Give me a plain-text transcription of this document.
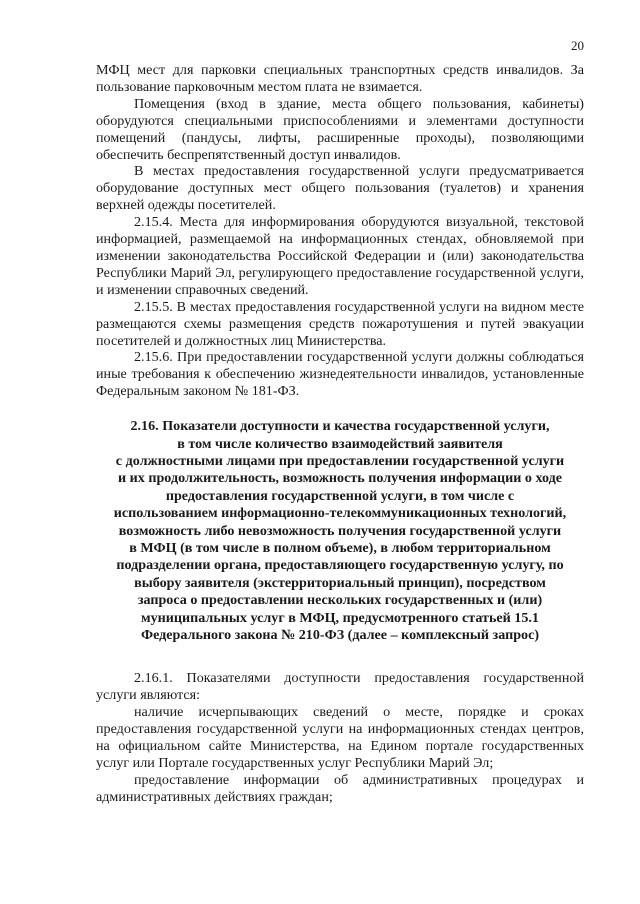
20

МФЦ мест для парковки специальных транспортных средств инвалидов. За пользование парковочным местом плата не взимается.

Помещения (вход в здание, места общего пользования, кабинеты) оборудуются специальными приспособлениями и элементами доступности помещений (пандусы, лифты, расширенные проходы), позволяющими обеспечить беспрепятственный доступ инвалидов.

В местах предоставления государственной услуги предусматривается оборудование доступных мест общего пользования (туалетов) и хранения верхней одежды посетителей.

2.15.4. Места для информирования оборудуются визуальной, текстовой информацией, размещаемой на информационных стендах, обновляемой при изменении законодательства Российской Федерации и (или) законодательства Республики Марий Эл, регулирующего предоставление государственной услуги, и изменении справочных сведений.

2.15.5. В местах предоставления государственной услуги на видном месте размещаются схемы размещения средств пожаротушения и путей эвакуации посетителей и должностных лиц Министерства.

2.15.6. При предоставлении государственной услуги должны соблюдаться иные требования к обеспечению жизнедеятельности инвалидов, установленные Федеральным законом № 181-ФЗ.

2.16. Показатели доступности и качества государственной услуги,

в том числе количество взаимодействий заявителя

с должностными лицами при предоставлении государственной услуги

и их продолжительность, возможность получения информации о ходе

предоставления государственной услуги, в том числе с

использованием информационно-телекоммуникационных технологий,

возможность либо невозможность получения государственной услуги

в МФЦ (в том числе в полном объеме), в любом территориальном

подразделении органа, предоставляющего государственную услугу, по

выбору заявителя (экстерриториальный принцип), посредством

запроса о предоставлении нескольких государственных и (или)

муниципальных услуг в МФЦ, предусмотренного статьей 15.1

Федерального закона № 210-ФЗ (далее – комплексный запрос)

2.16.1. Показателями доступности предоставления государственной услуги являются:

наличие исчерпывающих сведений о месте, порядке и сроках предоставления государственной услуги на информационных стендах центров, на официальном сайте Министерства, на Едином портале государственных услуг или Портале государственных услуг Республики Марий Эл;

предоставление информации об административных процедурах и административных действиях граждан;
